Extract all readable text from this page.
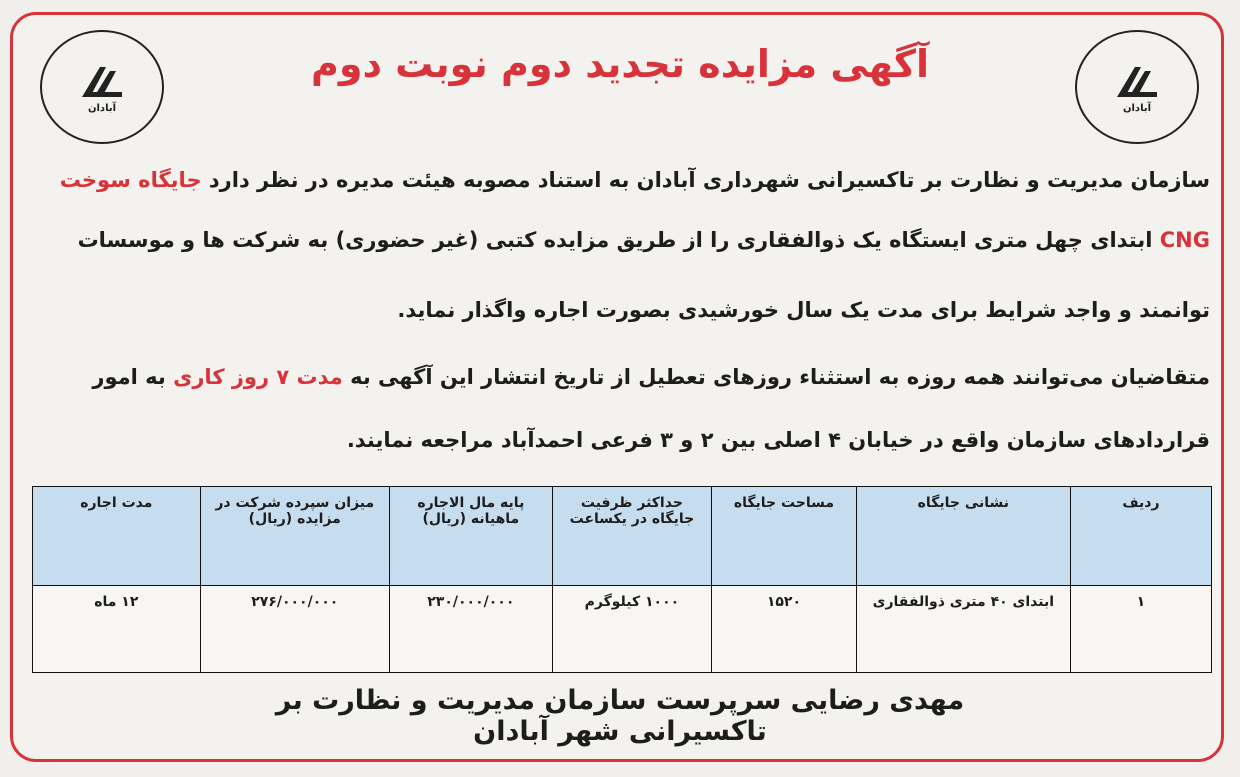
آبادان
آبادان
آگهی مزایده تجدید دوم نوبت دوم
سازمان مدیریت و نظارت بر تاکسیرانی شهرداری آبادان به استناد مصوبه هیئت مدیره در نظر دارد جایگاه سوخت
CNG ابتدای چهل متری ایستگاه یک ذوالفقاری را از طریق مزایده کتبی (غیر حضوری) به شرکت ها و موسسات
توانمند و واجد شرایط برای مدت یک سال خورشیدی بصورت اجاره واگذار نماید.
متقاضیان می‌توانند همه روزه به استثناء روزهای تعطیل از تاریخ انتشار این آگهی به مدت ۷ روز کاری به امور
قراردادهای سازمان واقع در خیابان ۴ اصلی بین ۲ و ۳ فرعی احمدآباد مراجعه نمایند.
ردیف	نشانی جایگاه	مساحت جایگاه	حداکثر ظرفیت جایگاه در یکساعت	پایه مال الاجاره ماهیانه (ریال)	میزان سپرده شرکت در مزایده (ریال)	مدت اجاره
۱	ابتدای ۴۰ متری ذوالفقاری	۱۵۲۰	۱۰۰۰ کیلوگرم	۲۳۰/۰۰۰/۰۰۰	۲۷۶/۰۰۰/۰۰۰	۱۲ ماه
مهدی رضایی سرپرست سازمان مدیریت و نظارت بر تاکسیرانی شهر آبادان
